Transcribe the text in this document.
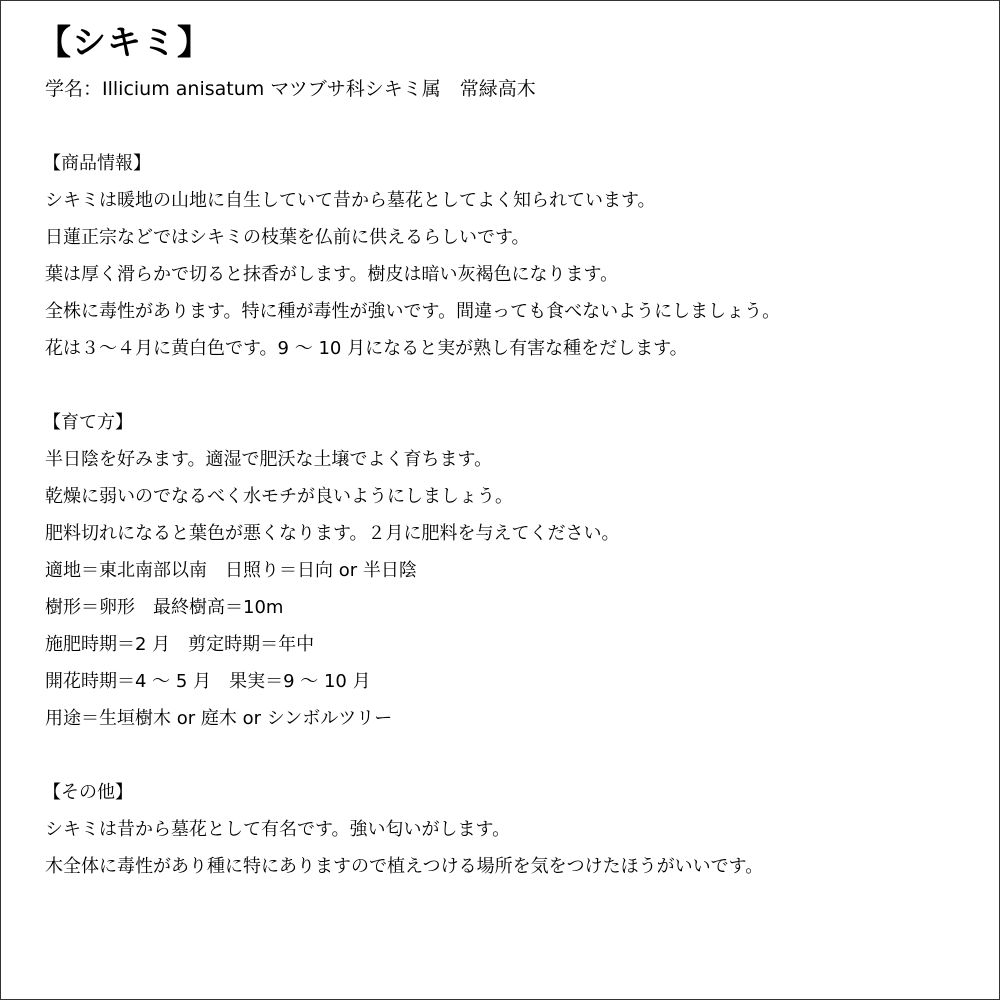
【シキミ】
学名：Illicium anisatum マツブサ科シキミ属　常緑高木
【商品情報】

シキミは暖地の山地に自生していて昔から墓花としてよく知られています。

日蓮正宗などではシキミの枝葉を仏前に供えるらしいです。

葉は厚く滑らかで切ると抹香がします。樹皮は暗い灰褐色になります。

全株に毒性があります。特に種が毒性が強いです。間違っても食べないようにしましょう。

花は３～４月に黄白色です。9 ～ 10 月になると実が熟し有害な種をだします。

【育て方】

半日陰を好みます。適湿で肥沃な土壌でよく育ちます。

乾燥に弱いのでなるべく水モチが良いようにしましょう。

肥料切れになると葉色が悪くなります。２月に肥料を与えてください。

適地＝東北南部以南　日照り＝日向 or 半日陰

樹形＝卵形　最終樹高＝10m

施肥時期＝2 月　剪定時期＝年中

開花時期＝4 ～ 5 月　果実＝9 ～ 10 月

用途＝生垣樹木 or 庭木 or シンボルツリー

【その他】

シキミは昔から墓花として有名です。強い匂いがします。

木全体に毒性があり種に特にありますので植えつける場所を気をつけたほうがいいです。
